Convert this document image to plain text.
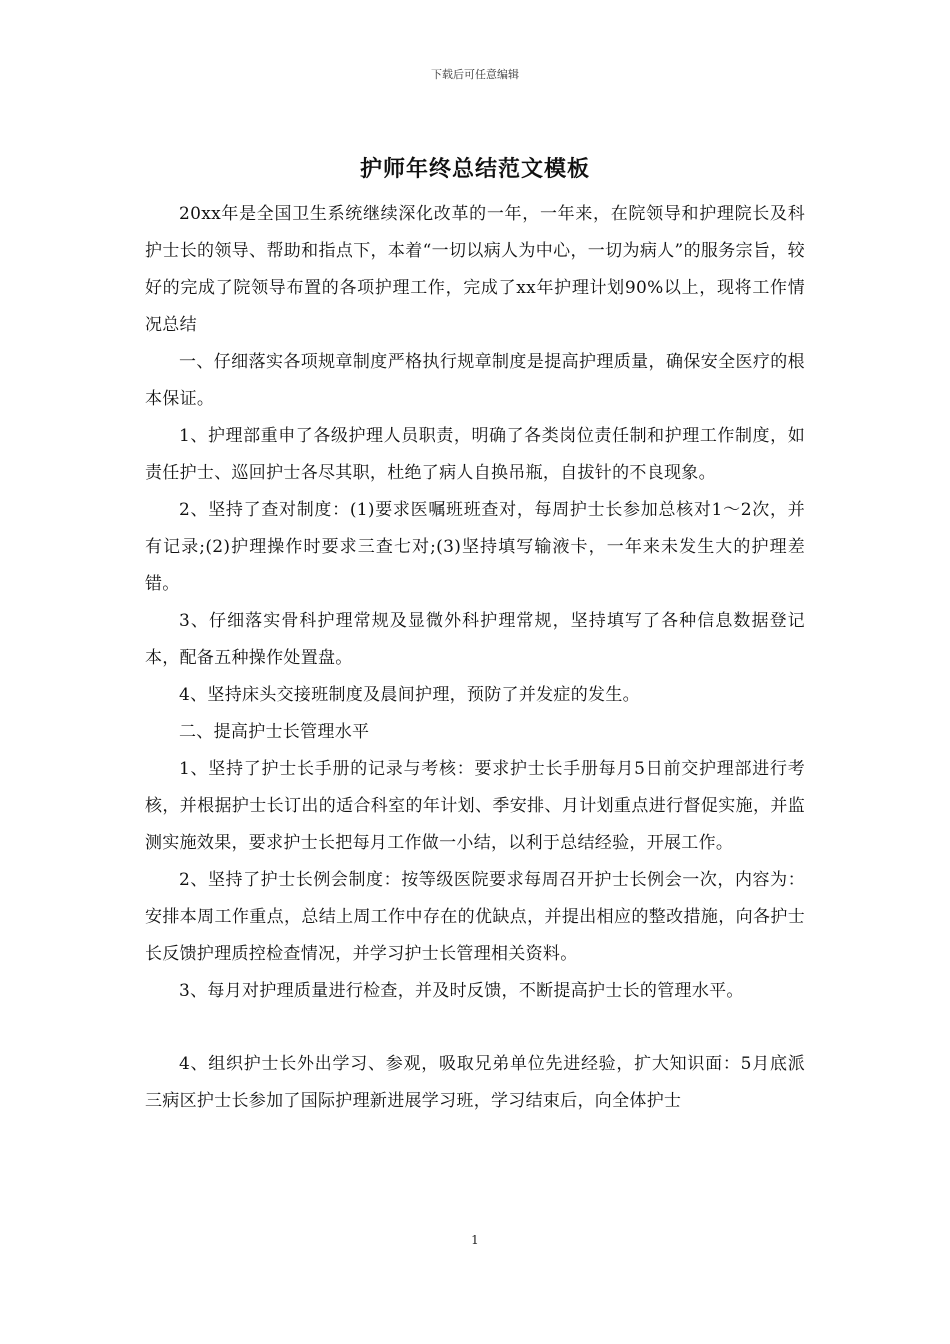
下载后可任意编辑
护师年终总结范文模板

20xx年是全国卫生系统继续深化改革的一年，一年来，在院领导和护理院长及科护士长的领导、帮助和指点下，本着“一切以病人为中心，一切为病人”的服务宗旨，较好的完成了院领导布置的各项护理工作，完成了xx年护理计划90%以上，现将工作情况总结

一、仔细落实各项规章制度严格执行规章制度是提高护理质量，确保安全医疗的根本保证。

1、护理部重申了各级护理人员职责，明确了各类岗位责任制和护理工作制度，如责任护士、巡回护士各尽其职，杜绝了病人自换吊瓶，自拔针的不良现象。

2、坚持了查对制度：(1)要求医嘱班班查对，每周护士长参加总核对1～2次，并有记录;(2)护理操作时要求三查七对;(3)坚持填写输液卡，一年来未发生大的护理差错。

3、仔细落实骨科护理常规及显微外科护理常规，坚持填写了各种信息数据登记本，配备五种操作处置盘。

4、坚持床头交接班制度及晨间护理，预防了并发症的发生。

二、提高护士长管理水平

1、坚持了护士长手册的记录与考核：要求护士长手册每月5日前交护理部进行考核，并根据护士长订出的适合科室的年计划、季安排、月计划重点进行督促实施，并监测实施效果，要求护士长把每月工作做一小结，以利于总结经验，开展工作。

2、坚持了护士长例会制度：按等级医院要求每周召开护士长例会一次，内容为：安排本周工作重点，总结上周工作中存在的优缺点，并提出相应的整改措施，向各护士长反馈护理质控检查情况，并学习护士长管理相关资料。

3、每月对护理质量进行检查，并及时反馈，不断提高护士长的管理水平。

4、组织护士长外出学习、参观，吸取兄弟单位先进经验，扩大知识面：5月底派三病区护士长参加了国际护理新进展学习班，学习结束后，向全体护士

1
